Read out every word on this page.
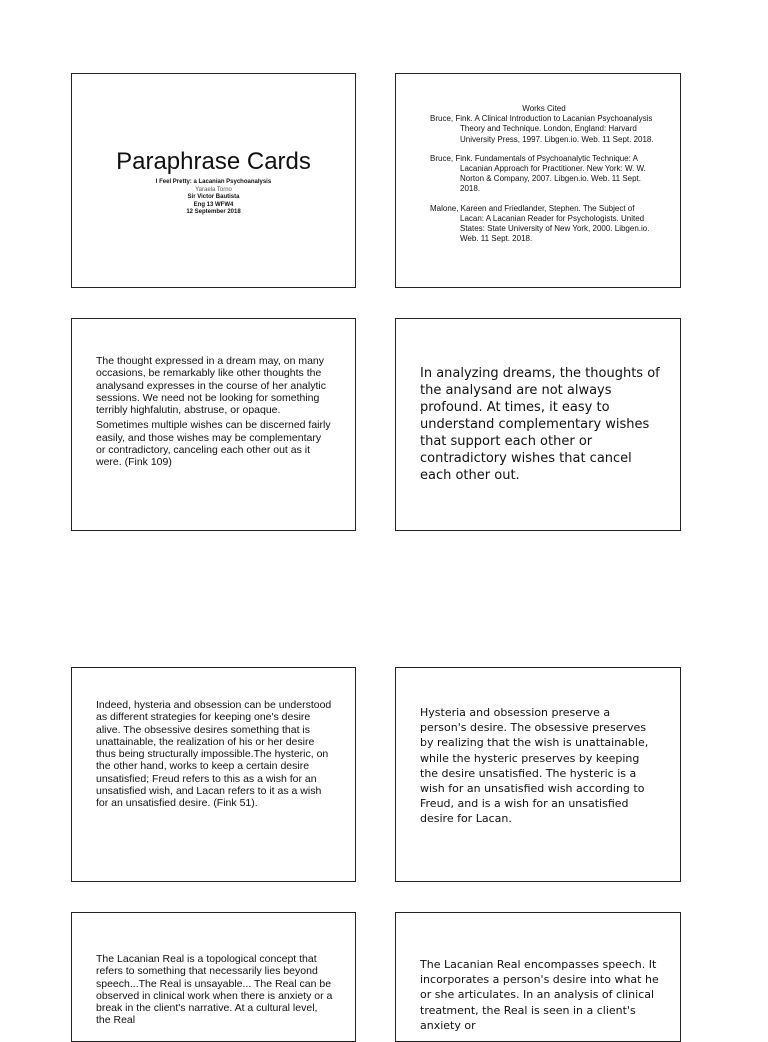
Paraphrase Cards
I Feel Pretty: a Lacanian Psychoanalysis
Yaraela Torno
Sir Victor Bautista
Eng 13 WFW4
12 September 2018
Works Cited
Bruce, Fink. A Clinical Introduction to Lacanian Psychoanalysis Theory and Technique. London, England: Harvard University Press, 1997. Libgen.io. Web. 11 Sept. 2018.
Bruce, Fink. Fundamentals of Psychoanalytic Technique: A Lacanian Approach for Practitioner. New York: W. W. Norton & Company, 2007. Libgen.io. Web. 11 Sept. 2018.
Malone, Kareen and Friedlander, Stephen. The Subject of Lacan: A Lacanian Reader for Psychologists. United States: State University of New York, 2000. Libgen.io. Web. 11 Sept. 2018.

The thought expressed in a dream may, on many occasions, be remarkably like other thoughts the analysand expresses in the course of her analytic sessions. We need not be looking for something terribly highfalutin, abstruse, or opaque.

Sometimes multiple wishes can be discerned fairly easily, and those wishes may be complementary or contradictory, canceling each other out as it were. (Fink 109)

In analyzing dreams, the thoughts of the analysand are not always profound. At times, it easy to understand complementary wishes that support each other or contradictory wishes that cancel each other out.

Indeed, hysteria and obsession can be understood as different strategies for keeping one's desire alive. The obsessive desires something that is unattainable, the realization of his or her desire thus being structurally impossible.The hysteric, on the other hand, works to keep a certain desire unsatisfied; Freud refers to this as a wish for an unsatisfied wish, and Lacan refers to it as a wish for an unsatisfied desire. (Fink 51).

Hysteria and obsession preserve a person's desire. The obsessive preserves by realizing that the wish is unattainable, while the hysteric preserves by keeping the desire unsatisfied. The hysteric is a wish for an unsatisfied wish according to Freud, and is a wish for an unsatisfied desire for Lacan.

The Lacanian Real is a topological concept that refers to something that necessarily lies beyond speech...The Real is unsayable... The Real can be observed in clinical work when there is anxiety or a break in the client's narrative. At a cultural level, the Real

The Lacanian Real encompasses speech. It incorporates a person's desire into what he or she articulates. In an analysis of clinical treatment, the Real is seen in a client's anxiety or
